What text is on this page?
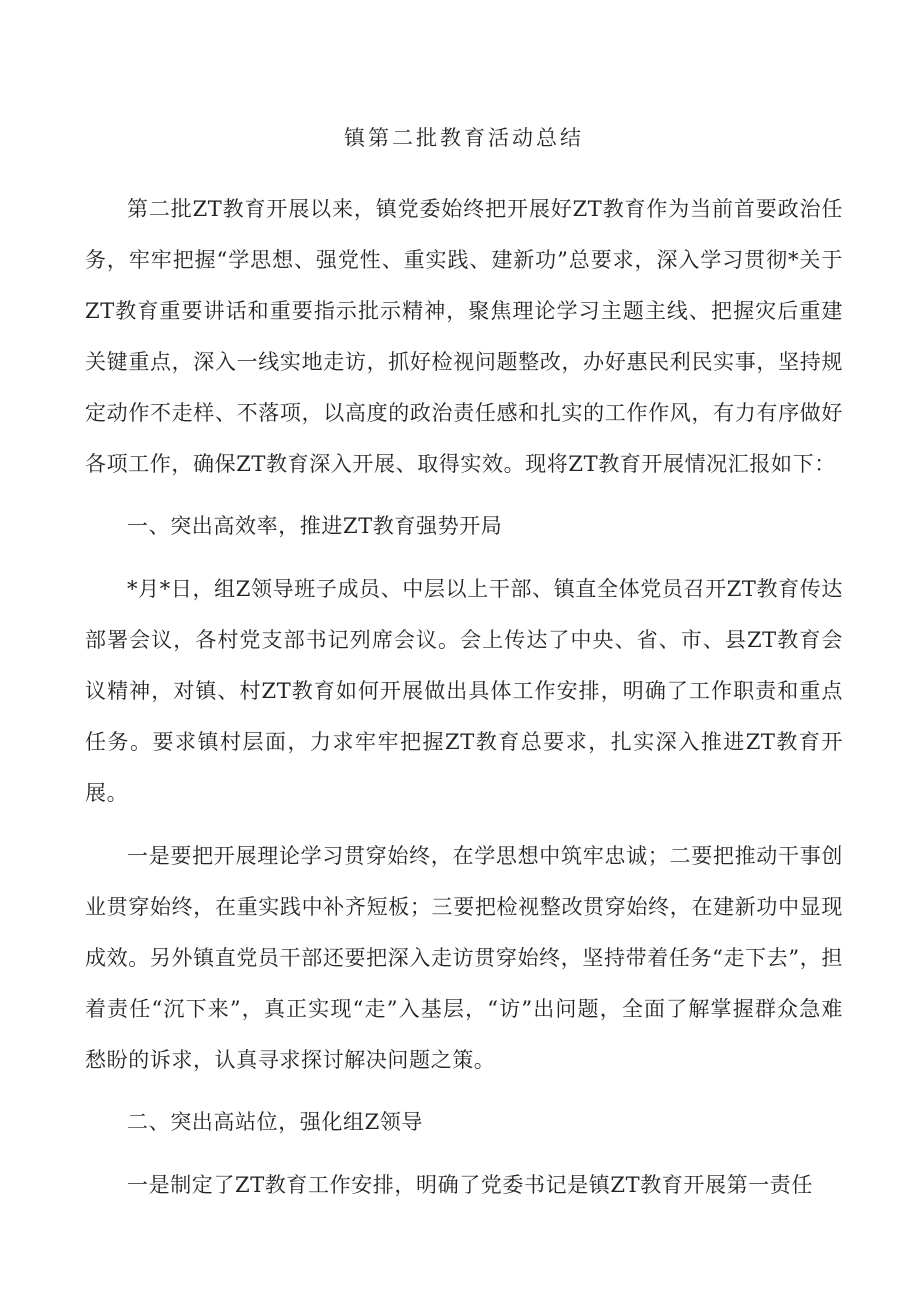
镇第二批教育活动总结

第二批ZT教育开展以来，镇党委始终把开展好ZT教育作为当前首要政治任务，牢牢把握“学思想、强党性、重实践、建新功”总要求，深入学习贯彻*关于ZT教育重要讲话和重要指示批示精神，聚焦理论学习主题主线、把握灾后重建关键重点，深入一线实地走访，抓好检视问题整改，办好惠民利民实事，坚持规定动作不走样、不落项，以高度的政治责任感和扎实的工作作风，有力有序做好各项工作，确保ZT教育深入开展、取得实效。现将ZT教育开展情况汇报如下：

一、突出高效率，推进ZT教育强势开局

*月*日，组Z领导班子成员、中层以上干部、镇直全体党员召开ZT教育传达部署会议，各村党支部书记列席会议。会上传达了中央、省、市、县ZT教育会议精神，对镇、村ZT教育如何开展做出具体工作安排，明确了工作职责和重点任务。要求镇村层面，力求牢牢把握ZT教育总要求，扎实深入推进ZT教育开展。

一是要把开展理论学习贯穿始终，在学思想中筑牢忠诚；二要把推动干事创业贯穿始终，在重实践中补齐短板；三要把检视整改贯穿始终，在建新功中显现成效。另外镇直党员干部还要把深入走访贯穿始终，坚持带着任务“走下去”，担着责任“沉下来”，真正实现“走”入基层，“访”出问题，全面了解掌握群众急难愁盼的诉求，认真寻求探讨解决问题之策。

二、突出高站位，强化组Z领导

一是制定了ZT教育工作安排，明确了党委书记是镇ZT教育开展第一责任
